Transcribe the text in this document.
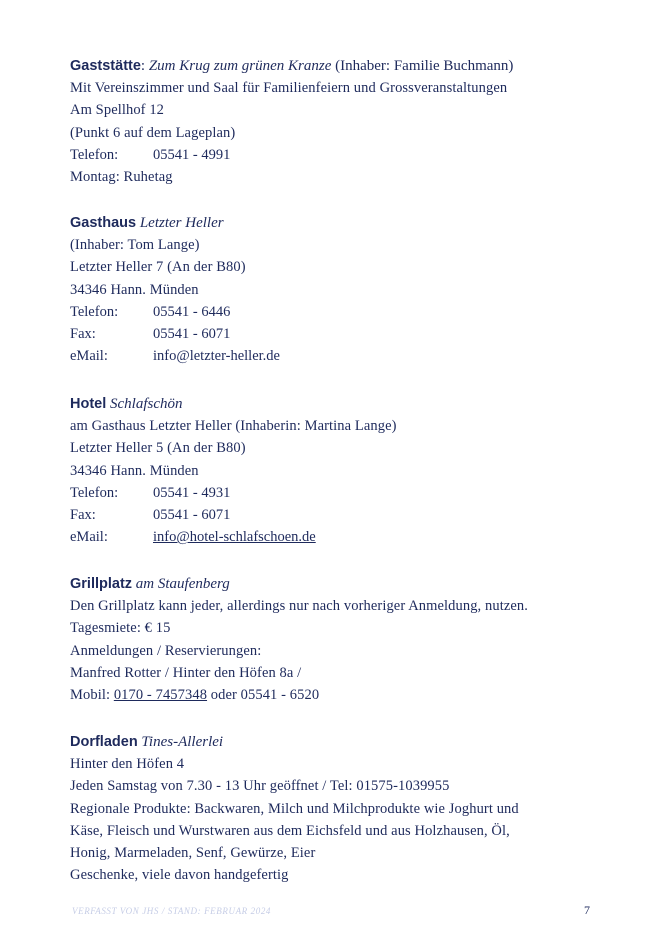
Gaststätte: Zum Krug zum grünen Kranze (Inhaber: Familie Buchmann)
Mit Vereinszimmer und Saal für Familienfeiern und Grossveranstaltungen
Am Spellhof 12
(Punkt 6 auf dem Lageplan)
Telefon:	05541 - 4991
Montag: Ruhetag
Gasthaus Letzter Heller
(Inhaber: Tom Lange)
Letzter Heller 7 (An der B80)
34346 Hann. Münden
Telefon:	05541 - 6446
Fax:	05541 - 6071
eMail:	info@letzter-heller.de
Hotel Schlafschön
am Gasthaus Letzter Heller (Inhaberin: Martina Lange)
Letzter Heller 5 (An der B80)
34346 Hann. Münden
Telefon:	05541 - 4931
Fax:	05541 - 6071
eMail:	info@hotel-schlafschoen.de
Grillplatz am Staufenberg
Den Grillplatz kann jeder, allerdings nur nach vorheriger Anmeldung, nutzen.
Tagesmiete: € 15
Anmeldungen / Reservierungen:
Manfred Rotter / Hinter den Höfen 8a /
Mobil: 0170 - 7457348 oder 05541 - 6520
Dorfladen Tines-Allerlei
Hinter den Höfen 4
Jeden Samstag von 7.30 - 13 Uhr geöffnet / Tel: 01575-1039955
Regionale Produkte: Backwaren, Milch und Milchprodukte wie Joghurt und
Käse, Fleisch und Wurstwaren aus dem Eichsfeld und aus Holzhausen, Öl,
Honig, Marmeladen, Senf, Gewürze, Eier
Geschenke, viele davon handgefertig
VERFASST VON JHS / STAND: FEBRUAR 2024	7
